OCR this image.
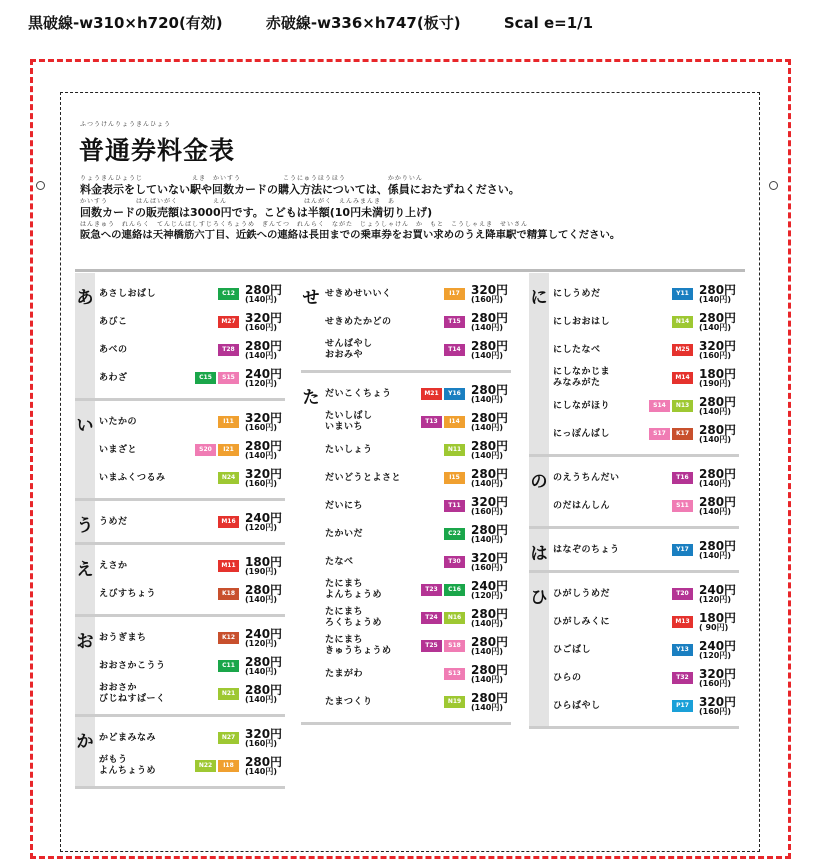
黒破線-w310×h720(有効)	赤破線-w336×h747(板寸)	Scal e=1/1
ふつうけんりょうきんひょう
普通券料金表
りょうきんひょうじ　　　　　　　えき　かいすう　　　　　　こうにゅうほうほう　　　　　　かかりいん
料金表示をしていない駅や回数カードの購入方法については、係員におたずねください。
かいすう　　　　はんばいがく　　　　　えん　　　　　　　　　　　はんがく　えんみまんき　あ
回数カードの販売額は3000円です。こどもは半額(10円未満切り上げ)
はんきゅう　れんらく　てんじんばしすじろくちょうめ　ぎんてつ　れんらく　ながた　じょうしゃけん　か　もと　こうしゃえき　せいさん
阪急への連絡は天神橋筋六丁目、近鉄への連絡は長田までの乗車券をお買い求めのうえ降車駅で精算してください。
あ あさしおばし	C12 280円
(140円)
あびこ	M27 320円
(160円)
あべの	T28 280円
(140円)
あわざ	C15	S15 240円
(120円)
い いたかの	I11 320円
(160円)
いまざと	S20	I21 280円
(140円)
いまふくつるみ	N24 320円
(160円)
う うめだ	M16 240円
(120円)
え えさか	M11 180円
(190円)
えびすちょう	K18 280円
(140円)
お おうぎまち	K12 240円
(120円)
おおさかこうう	C11 280円
(140円)
おおさか
びじねすぱーく
N21 280円
(140円)
か かどまみなみ	N27 320円
(160円)
がもう
よんちょうめ
N22	I18 280円
(140円)
せ せきめせいいく	I17 320円
(160円)
せきめたかどの	T15 280円
(140円)
せんばやし
おおみや
T14 280円
(140円)
た だいこくちょう	M21	Y16 280円
(140円)
たいしばし
いまいち
T13	I14 280円
(140円)
たいしょう	N11 280円
(140円)
だいどうとよさと	I15 280円
(140円)
だいにち	T11 320円
(160円)
たかいだ	C22 280円
(140円)
たなべ	T30 320円
(160円)
たにまち
よんちょうめ
T23	C16 240円
(120円)
たにまち
ろくちょうめ
T24	N16 280円
(140円)
たにまち
きゅうちょうめ
T25	S18 280円
(140円)
たまがわ	S13 280円
(140円)
たまつくり	N19 280円
(140円)
に にしうめだ	Y11 280円
(140円)
にしおおはし	N14 280円
(140円)
にしたなべ	M25 320円
(160円)
にしなかじま
みなみがた
M14 180円
(190円)
にしながほり	S14	N13 280円
(140円)
にっぽんばし	S17	K17 280円
(140円)
の のえうちんだい	T16 280円
(140円)
のだはんしん	S11 280円
(140円)
は はなぞのちょう	Y17 280円
(140円)
ひ ひがしうめだ	T20 240円
(120円)
ひがしみくに	M13 180円
( 90円)
ひごばし	Y13 240円
(120円)
ひらの	T32 320円
(160円)
ひらばやし	P17 320円
(160円)
